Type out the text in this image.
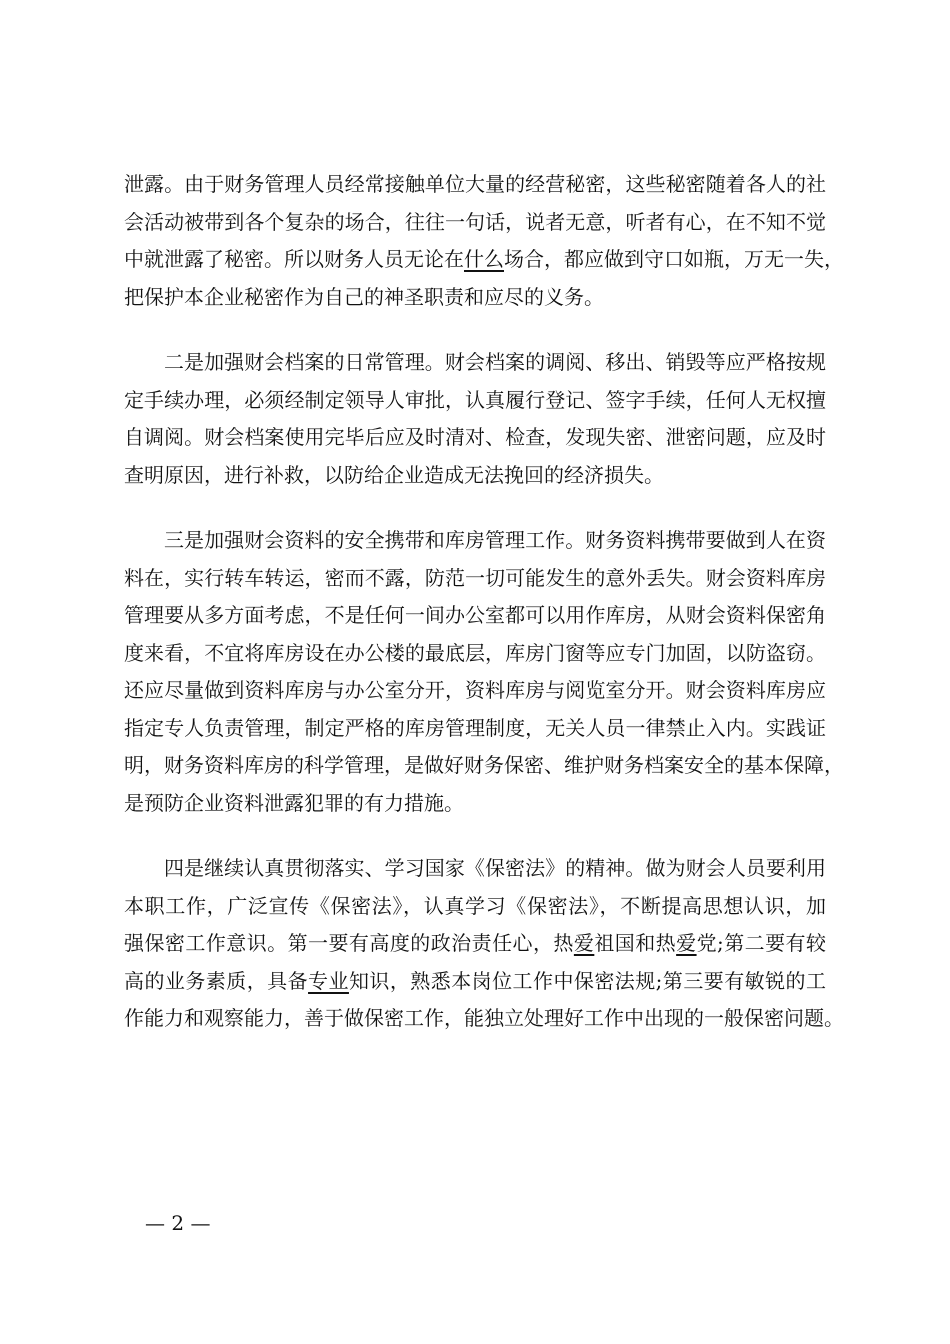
泄露。由于财务管理人员经常接触单位大量的经营秘密，这些秘密随着各人的社
会活动被带到各个复杂的场合，往往一句话，说者无意，听者有心，在不知不觉
中就泄露了秘密。所以财务人员无论在什么场合，都应做到守口如瓶，万无一失，
把保护本企业秘密作为自己的神圣职责和应尽的义务。
二是加强财会档案的日常管理。财会档案的调阅、移出、销毁等应严格按规
定手续办理，必须经制定领导人审批，认真履行登记、签字手续，任何人无权擅
自调阅。财会档案使用完毕后应及时清对、检查，发现失密、泄密问题，应及时
查明原因，进行补救，以防给企业造成无法挽回的经济损失。
三是加强财会资料的安全携带和库房管理工作。财务资料携带要做到人在资
料在，实行转车转运，密而不露，防范一切可能发生的意外丢失。财会资料库房
管理要从多方面考虑，不是任何一间办公室都可以用作库房，从财会资料保密角
度来看，不宜将库房设在办公楼的最底层，库房门窗等应专门加固，以防盗窃。
还应尽量做到资料库房与办公室分开，资料库房与阅览室分开。财会资料库房应
指定专人负责管理，制定严格的库房管理制度，无关人员一律禁止入内。实践证
明，财务资料库房的科学管理，是做好财务保密、维护财务档案安全的基本保障，
是预防企业资料泄露犯罪的有力措施。
四是继续认真贯彻落实、学习国家《保密法》的精神。做为财会人员要利用
本职工作，广泛宣传《保密法》，认真学习《保密法》，不断提高思想认识，加
强保密工作意识。第一要有高度的政治责任心，热爱祖国和热爱党;第二要有较
高的业务素质，具备专业知识，熟悉本岗位工作中保密法规;第三要有敏锐的工
作能力和观察能力，善于做保密工作，能独立处理好工作中出现的一般保密问题。
— 2 —
